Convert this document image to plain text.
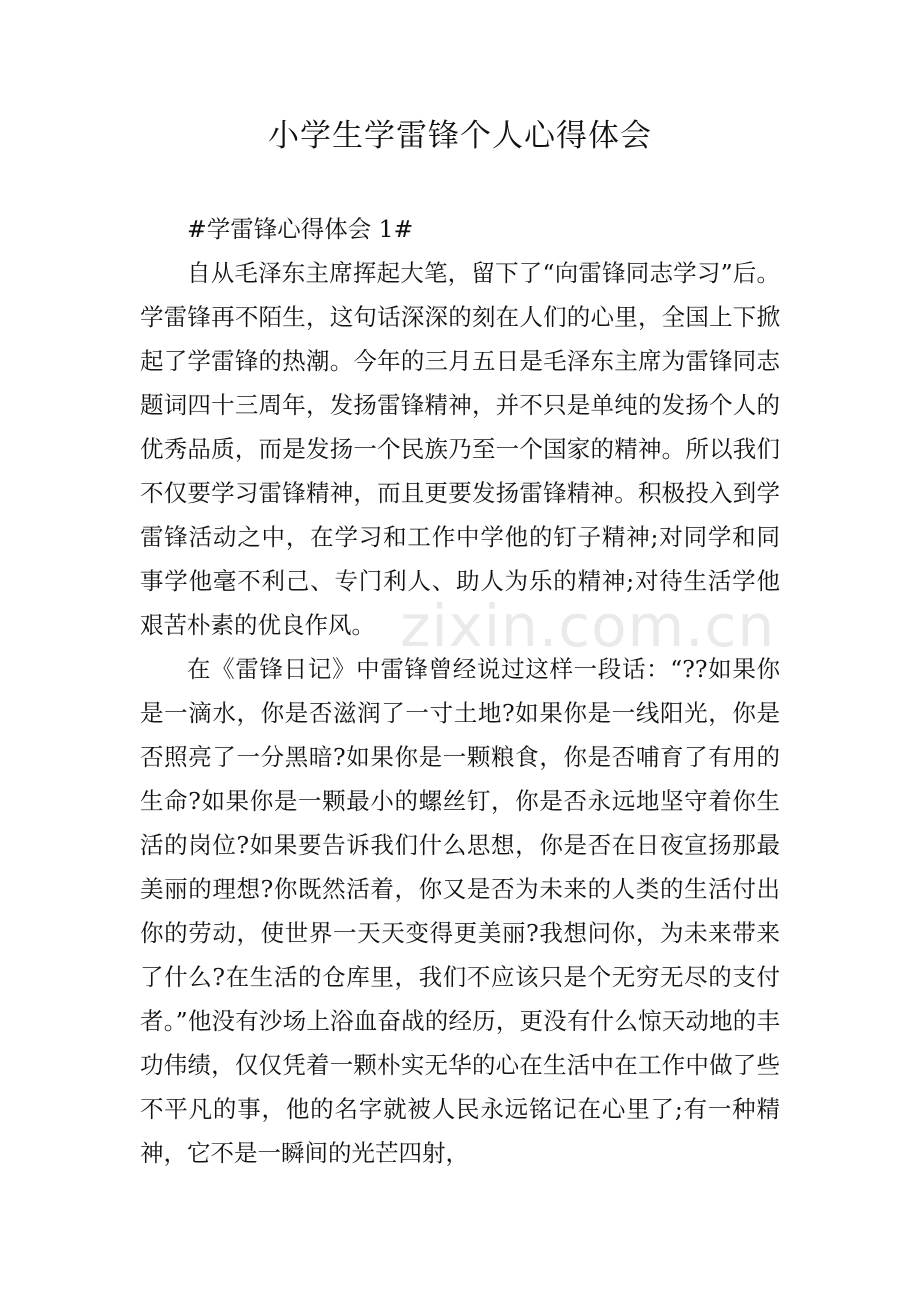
小学生学雷锋个人心得体会

#学雷锋心得体会 1#

自从毛泽东主席挥起大笔，留下了“向雷锋同志学习”后。学雷锋再不陌生，这句话深深的刻在人们的心里，全国上下掀起了学雷锋的热潮。今年的三月五日是毛泽东主席为雷锋同志题词四十三周年，发扬雷锋精神，并不只是单纯的发扬个人的优秀品质，而是发扬一个民族乃至一个国家的精神。所以我们不仅要学习雷锋精神，而且更要发扬雷锋精神。积极投入到学雷锋活动之中，在学习和工作中学他的钉子精神;对同学和同事学他毫不利己、专门利人、助人为乐的精神;对待生活学他艰苦朴素的优良作风。

在《雷锋日记》中雷锋曾经说过这样一段话：“??如果你是一滴水，你是否滋润了一寸土地?如果你是一线阳光，你是否照亮了一分黑暗?如果你是一颗粮食，你是否哺育了有用的生命?如果你是一颗最小的螺丝钉，你是否永远地坚守着你生活的岗位?如果要告诉我们什么思想，你是否在日夜宣扬那最美丽的理想?你既然活着，你又是否为未来的人类的生活付出你的劳动，使世界一天天变得更美丽?我想问你，为未来带来了什么?在生活的仓库里，我们不应该只是个无穷无尽的支付者。”他没有沙场上浴血奋战的经历，更没有什么惊天动地的丰功伟绩，仅仅凭着一颗朴实无华的心在生活中在工作中做了些不平凡的事，他的名字就被人民永远铭记在心里了;有一种精神，它不是一瞬间的光芒四射，

zixin.com.cn
